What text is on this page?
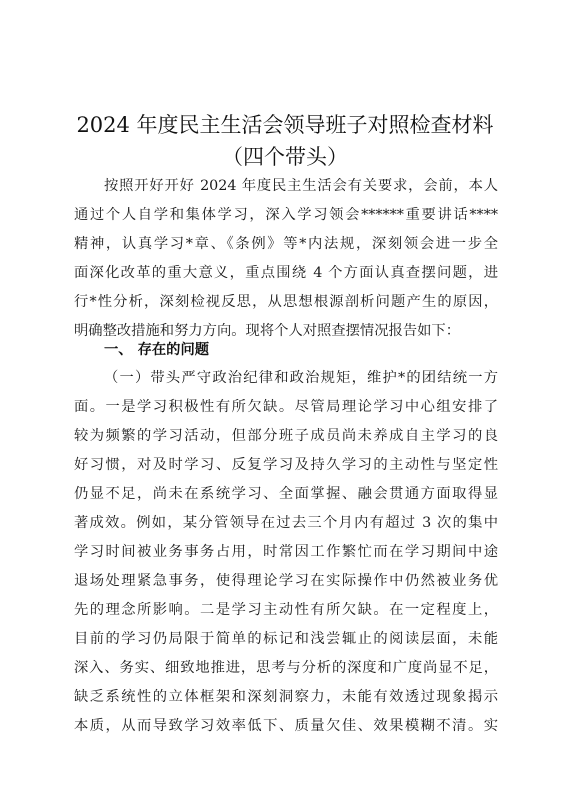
2024 年度民主生活会领导班子对照检查材料
（四个带头）
按照开好开好 2024 年度民主生活会有关要求，会前，本人
通过个人自学和集体学习，深入学习领会******重要讲话****
精神，认真学习*章、《条例》等*内法规，深刻领会进一步全
面深化改革的重大意义，重点围绕 4 个方面认真查摆问题，进
行*性分析，深刻检视反思，从思想根源剖析问题产生的原因，
明确整改措施和努力方向。现将个人对照查摆情况报告如下：
一、 存在的问题
（一）带头严守政治纪律和政治规矩，维护*的团结统一方
面。一是学习积极性有所欠缺。尽管局理论学习中心组安排了
较为频繁的学习活动，但部分班子成员尚未养成自主学习的良
好习惯，对及时学习、反复学习及持久学习的主动性与坚定性
仍显不足，尚未在系统学习、全面掌握、融会贯通方面取得显
著成效。例如，某分管领导在过去三个月内有超过 3 次的集中
学习时间被业务事务占用，时常因工作繁忙而在学习期间中途
退场处理紧急事务，使得理论学习在实际操作中仍然被业务优
先的理念所影响。二是学习主动性有所欠缺。在一定程度上，
目前的学习仍局限于简单的标记和浅尝辄止的阅读层面，未能
深入、务实、细致地推进，思考与分析的深度和广度尚显不足，
缺乏系统性的立体框架和深刻洞察力，未能有效透过现象揭示
本质，从而导致学习效率低下、质量欠佳、效果模糊不清。实
